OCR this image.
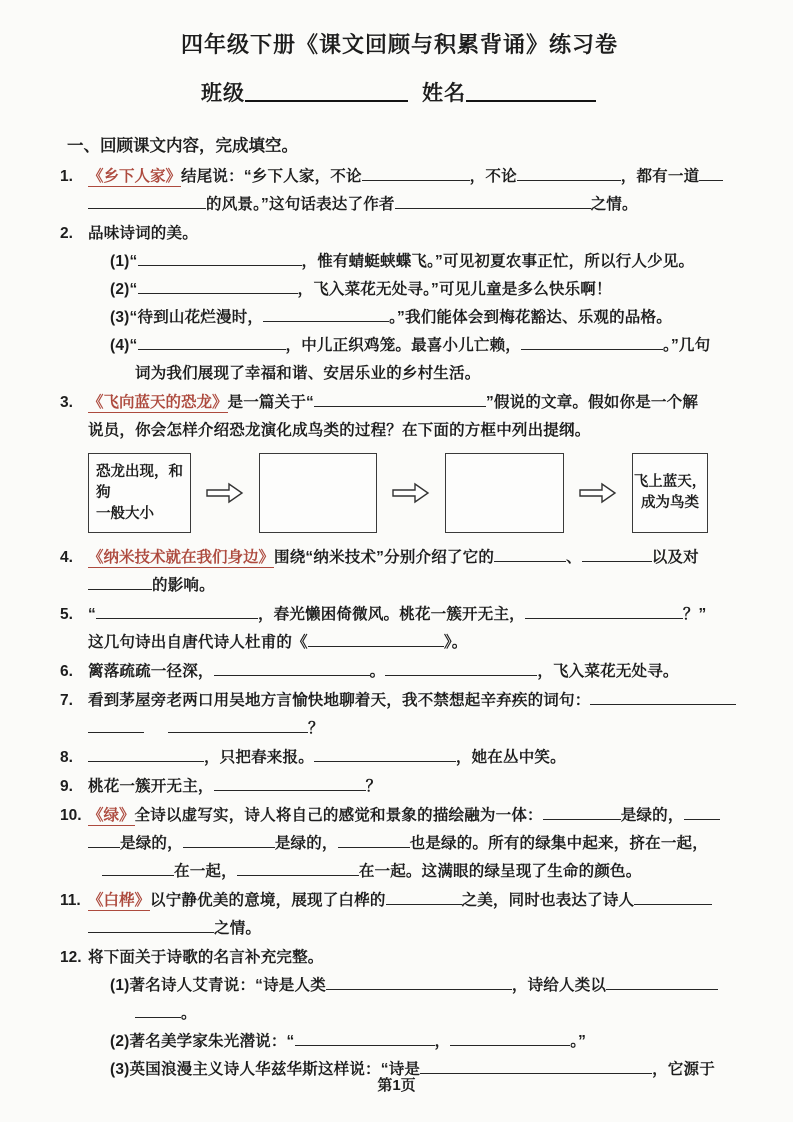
四年级下册《课文回顾与积累背诵》练习卷
班级	姓名
一、回顾课文内容，完成填空。
1. 《乡下人家》结尾说：“乡下人家，不论	，不论	，都有一道
的风景。”这句话表达了作者	之情。
2. 品味诗词的美。
(1)“	，惟有蜻蜓蛱蝶飞。”可见初夏农事正忙，所以行人少见。
(2)“	，飞入菜花无处寻。”可见儿童是多么快乐啊！
(3)“待到山花烂漫时，	。”我们能体会到梅花豁达、乐观的品格。
(4)“	，中儿正织鸡笼。最喜小儿亡赖，	。”几句
词为我们展现了幸福和谐、安居乐业的乡村生活。
3. 《飞向蓝天的恐龙》是一篇关于“	”假说的文章。假如你是一个解
说员，你会怎样介绍恐龙演化成鸟类的过程？在下面的方框中列出提纲。
恐龙出现，和狗
一般大小
飞上蓝天，
成为鸟类
4. 《纳米技术就在我们身边》围绕“纳米技术”分别介绍了它的	、	以及对
的影响。
5. “	，春光懒困倚微风。桃花一簇开无主，	？”
这几句诗出自唐代诗人杜甫的《	》。
6. 篱落疏疏一径深，	。	，飞入菜花无处寻。
7. 看到茅屋旁老两口用吴地方言愉快地聊着天，我不禁想起辛弃疾的词句：
？
8.	，只把春来报。	，她在丛中笑。
9. 桃花一簇开无主，	？
10. 《绿》全诗以虚写实，诗人将自己的感觉和景象的描绘融为一体：	是绿的，
是绿的，	是绿的，	也是绿的。所有的绿集中起来，挤在一起，
在一起，	在一起。这满眼的绿呈现了生命的颜色。
11. 《白桦》以宁静优美的意境，展现了白桦的	之美，同时也表达了诗人
之情。
12. 将下面关于诗歌的名言补充完整。
(1)著名诗人艾青说：“诗是人类	，诗给人类以
。
(2)著名美学家朱光潜说：“	，	。”
(3)英国浪漫主义诗人华兹华斯这样说：“诗是	，它源于
第1页
